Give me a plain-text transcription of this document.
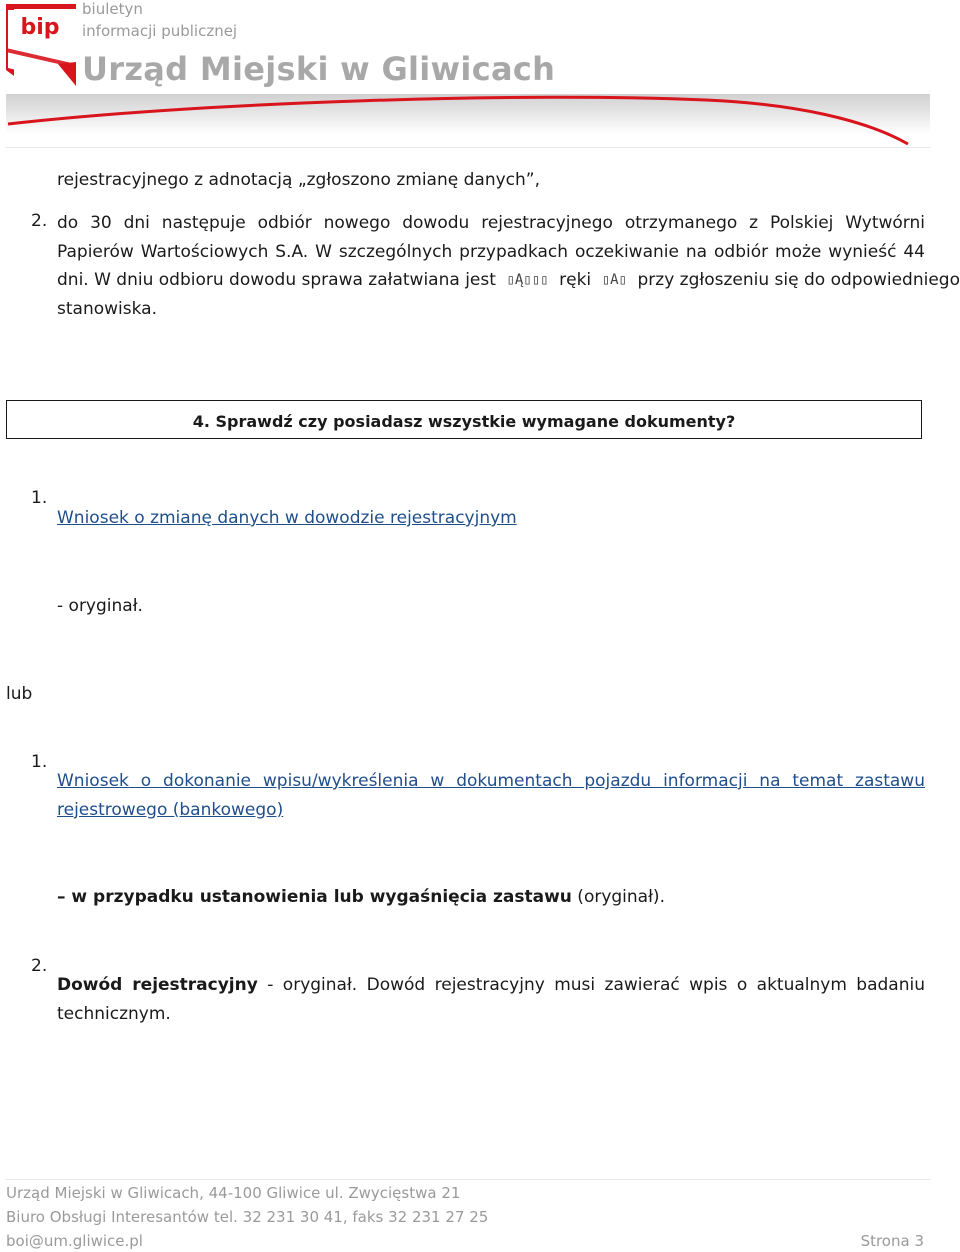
bip
biuletyn
informacji publicznej
Urząd Miejski w Gliwicach
rejestracyjnego z adnotacją „zgłoszono zmianę danych”,
2. do 30 dni następuje odbiór nowego dowodu rejestracyjnego otrzymanego z Polskiej Wytwórni
Papierów Wartościowych S.A. W szczególnych przypadkach oczekiwanie na odbiór może wynieść 44
dni. W dniu odbioru dowodu sprawa załatwiana jest ▯Ą▯▯▯ ręki ▯A▯ przy zgłoszeniu się do odpowiedniego
stanowiska.
4. Sprawdź czy posiadasz wszystkie wymagane dokumenty?
1.
Wniosek o zmianę danych w dowodzie rejestracyjnym
- oryginał.
lub
1.
Wniosek o dokonanie wpisu/wykreślenia w dokumentach pojazdu informacji na temat zastawu
rejestrowego (bankowego)
– w przypadku ustanowienia lub wygaśnięcia zastawu (oryginał).
2.
Dowód rejestracyjny - oryginał. Dowód rejestracyjny musi zawierać wpis o aktualnym badaniu
technicznym.
Urząd Miejski w Gliwicach, 44-100 Gliwice ul. Zwycięstwa 21
Biuro Obsługi Interesantów tel. 32 231 30 41, faks 32 231 27 25
boi@um.gliwice.pl	Strona 3
